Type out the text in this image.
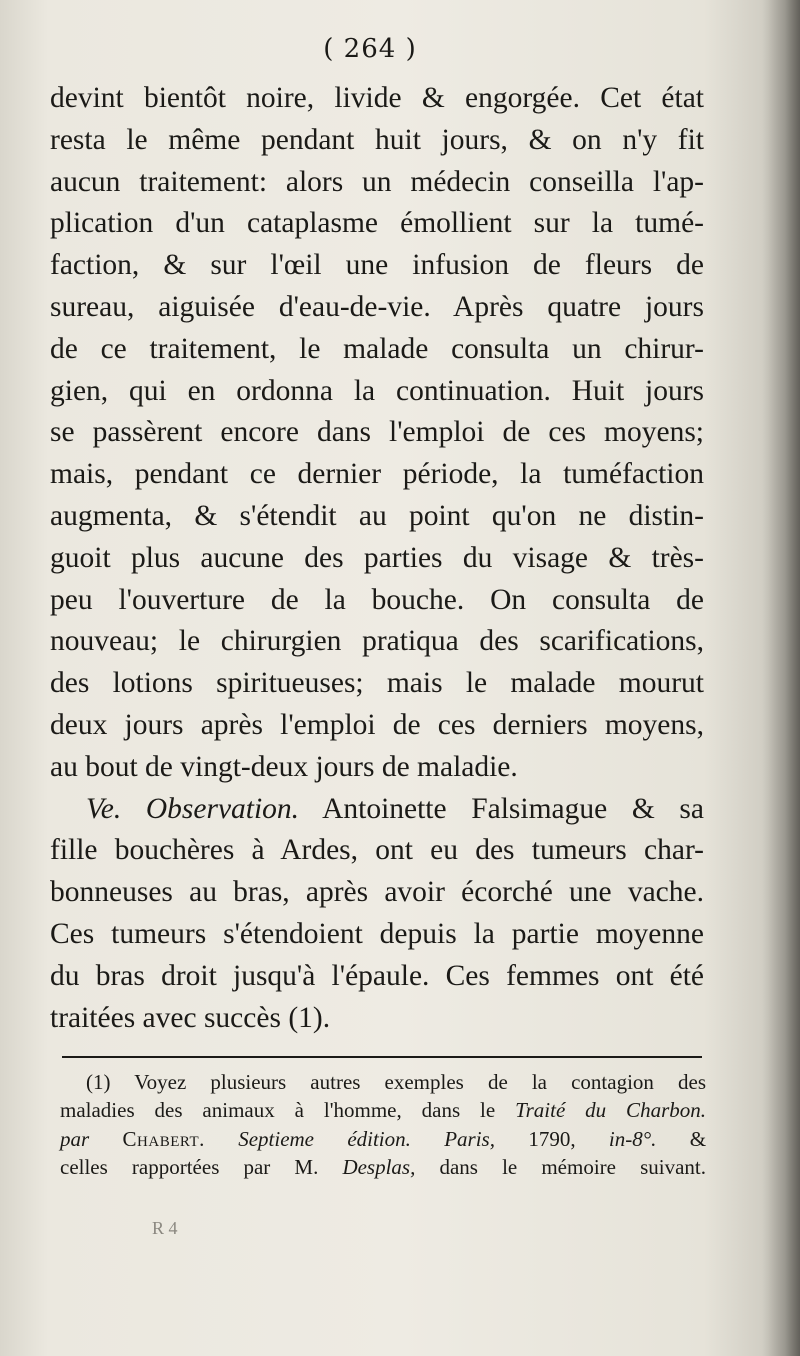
( 264 )
devint bientôt noire, livide & engorgée. Cet état
resta le même pendant huit jours, & on n'y fit
aucun traitement: alors un médecin conseilla l'ap-
plication d'un cataplasme émollient sur la tumé-
faction, & sur l'œil une infusion de fleurs de
sureau, aiguisée d'eau-de-vie. Après quatre jours
de ce traitement, le malade consulta un chirur-
gien, qui en ordonna la continuation. Huit jours
se passèrent encore dans l'emploi de ces moyens;
mais, pendant ce dernier période, la tuméfaction
augmenta, & s'étendit au point qu'on ne distin-
guoit plus aucune des parties du visage & très-
peu l'ouverture de la bouche. On consulta de
nouveau; le chirurgien pratiqua des scarifications,
des lotions spiritueuses; mais le malade mourut
deux jours après l'emploi de ces derniers moyens,
au bout de vingt-deux jours de maladie.
Ve. Observation. Antoinette Falsimague & sa
fille bouchères à Ardes, ont eu des tumeurs char-
bonneuses au bras, après avoir écorché une vache.
Ces tumeurs s'étendoient depuis la partie moyenne
du bras droit jusqu'à l'épaule. Ces femmes ont été
traitées avec succès (1).
(1) Voyez plusieurs autres exemples de la contagion des
maladies des animaux à l'homme, dans le Traité du Charbon.
par Chabert. Septieme édition. Paris, 1790, in-8°. &
celles rapportées par M. Desplas, dans le mémoire suivant.
R 4
